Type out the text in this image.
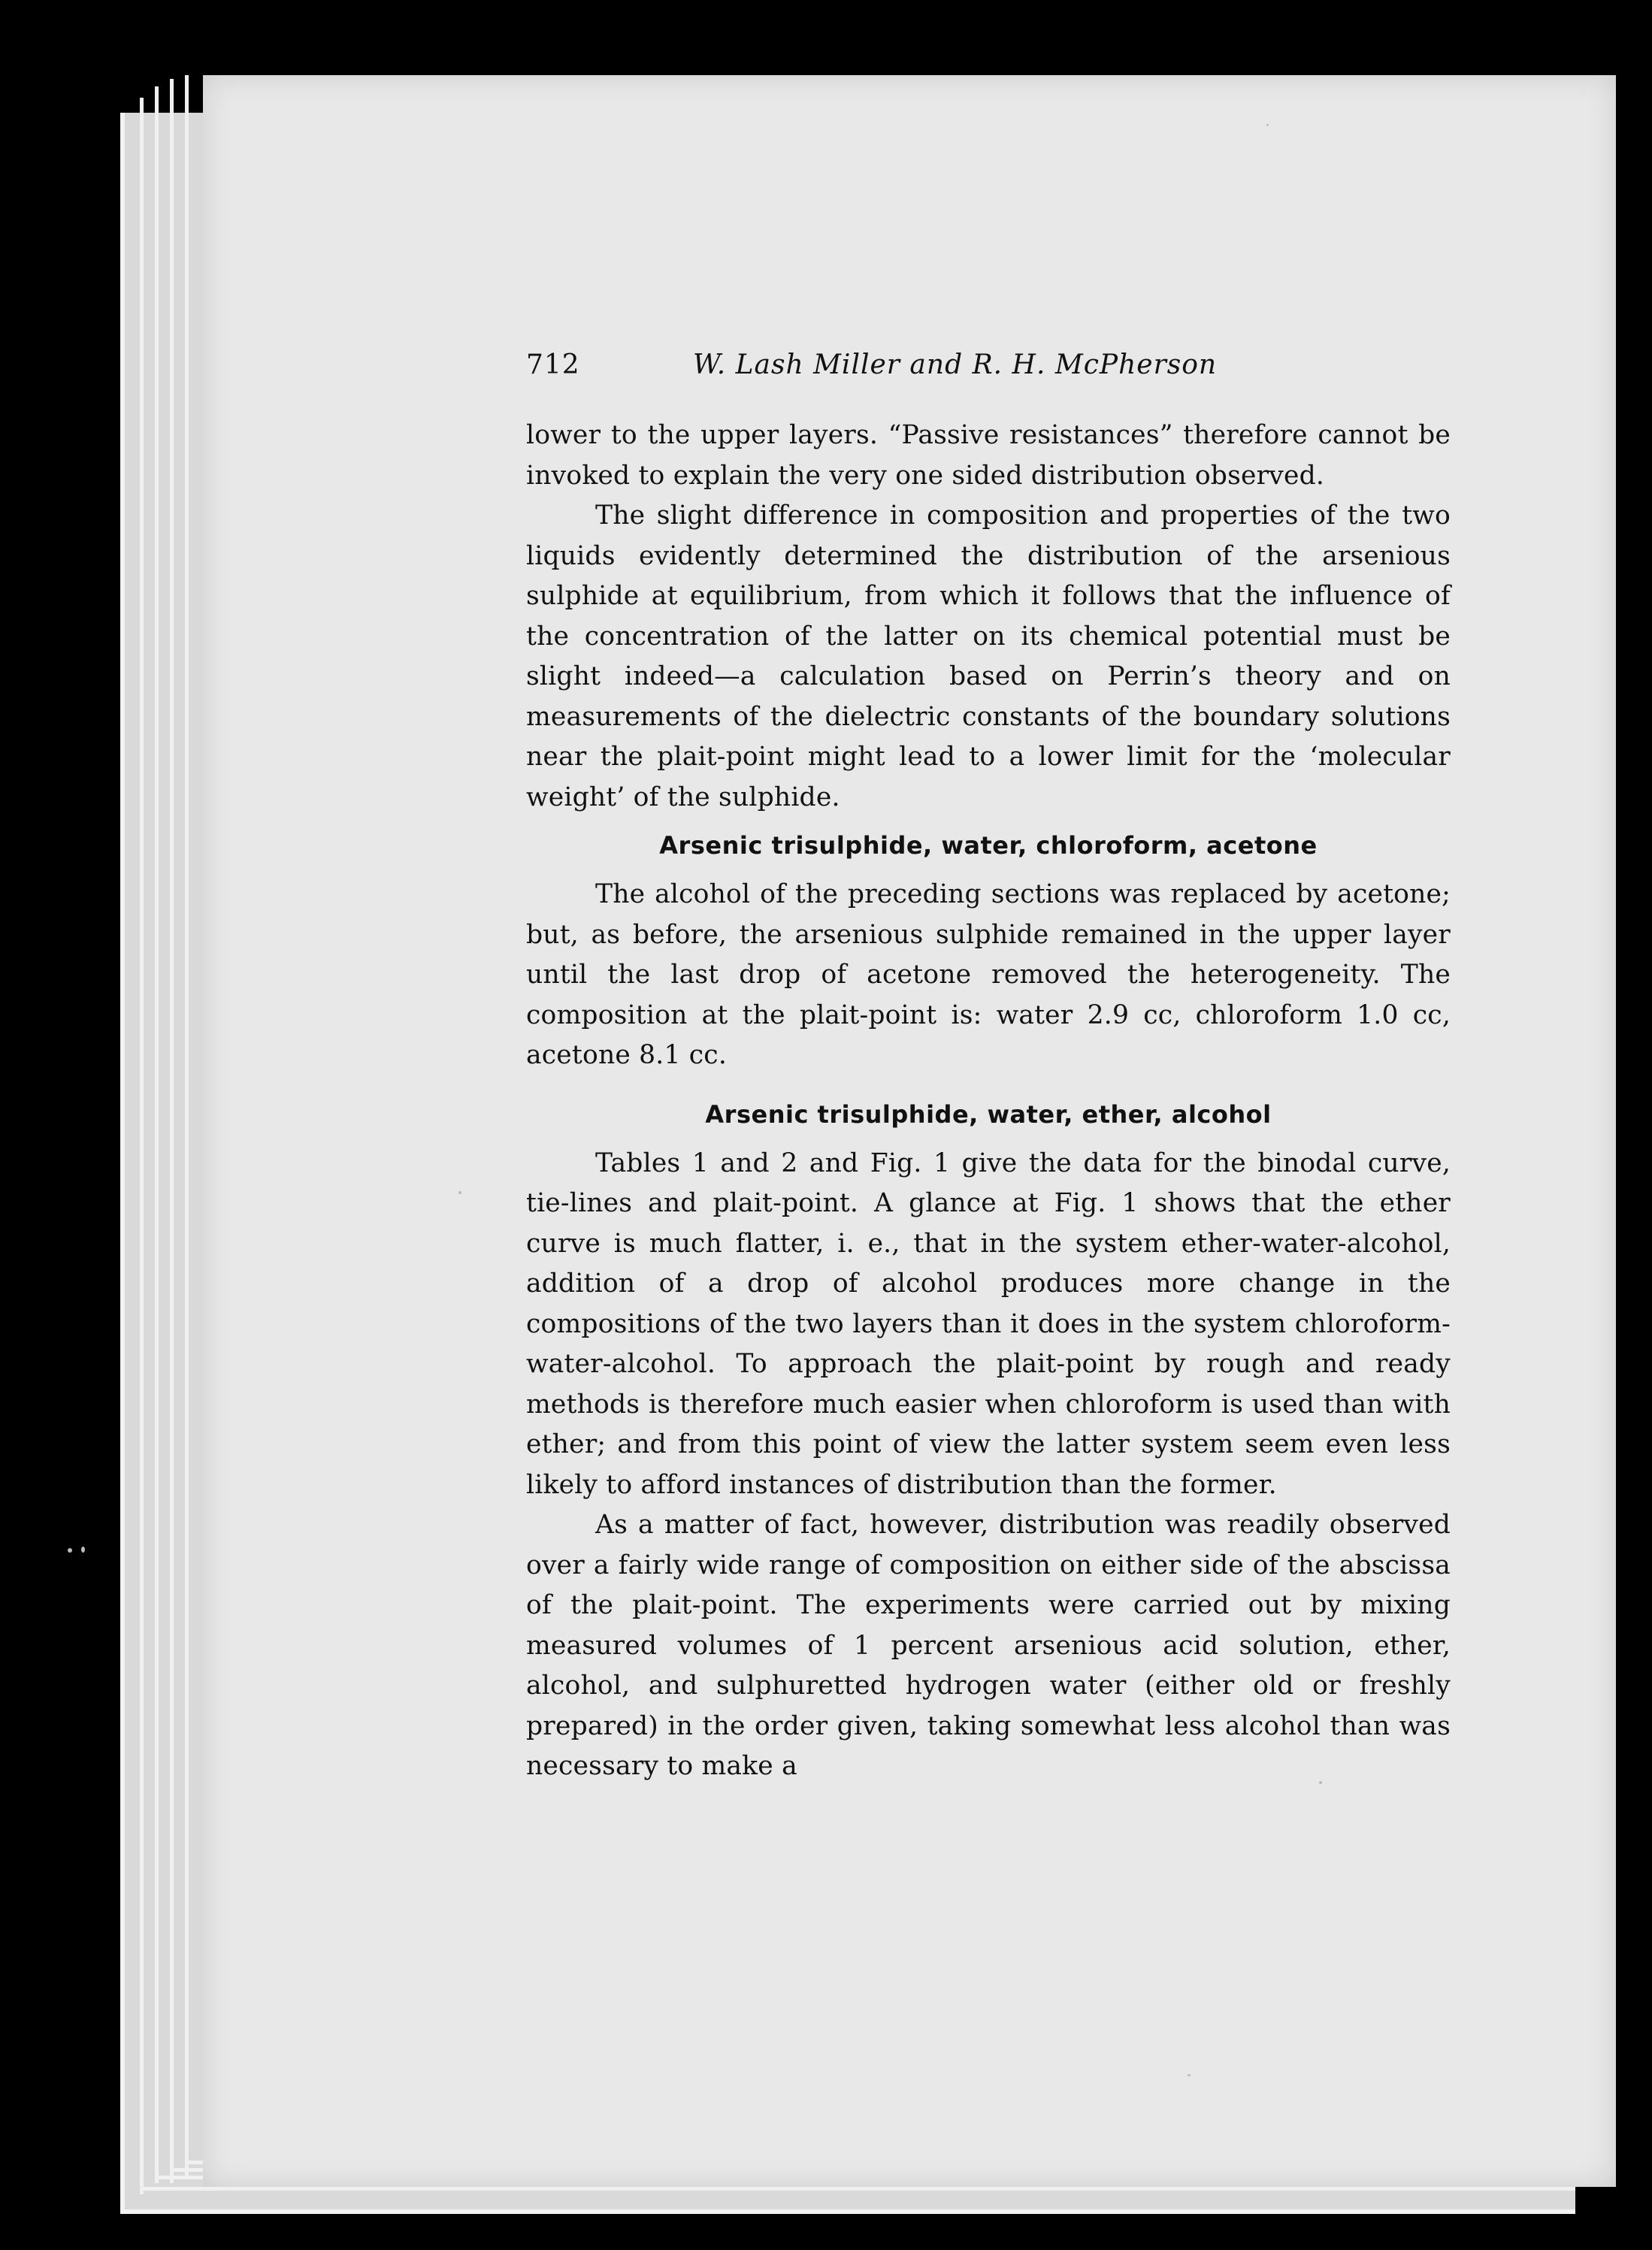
712	W. Lash Miller and R. H. McPherson

lower to the upper layers. “Passive resistances” therefore cannot be invoked to explain the very one sided distribution observed.

The slight difference in composition and properties of the two liquids evidently determined the distribution of the arsenious sulphide at equilibrium, from which it follows that the influence of the concentration of the latter on its chemical potential must be slight indeed—a calculation based on Perrin’s theory and on measurements of the dielectric constants of the boundary solutions near the plait-point might lead to a lower limit for the ‘molecular weight’ of the sulphide.

Arsenic trisulphide, water, chloroform, acetone

The alcohol of the preceding sections was replaced by acetone; but, as before, the arsenious sulphide remained in the upper layer until the last drop of acetone removed the heterogeneity. The composition at the plait-point is: water 2.9 cc, chloroform 1.0 cc, acetone 8.1 cc.

Arsenic trisulphide, water, ether, alcohol

Tables 1 and 2 and Fig. 1 give the data for the binodal curve, tie-lines and plait-point. A glance at Fig. 1 shows that the ether curve is much flatter, i. e., that in the system ether-water-alcohol, addition of a drop of alcohol produces more change in the compositions of the two layers than it does in the system chloroform-water-alcohol. To approach the plait-point by rough and ready methods is therefore much easier when chloroform is used than with ether; and from this point of view the latter system seem even less likely to afford instances of distribution than the former.

As a matter of fact, however, distribution was readily observed over a fairly wide range of composition on either side of the abscissa of the plait-point. The experiments were carried out by mixing measured volumes of 1 percent arsenious acid solution, ether, alcohol, and sulphuretted hydrogen water (either old or freshly prepared) in the order given, taking somewhat less alcohol than was necessary to make a
